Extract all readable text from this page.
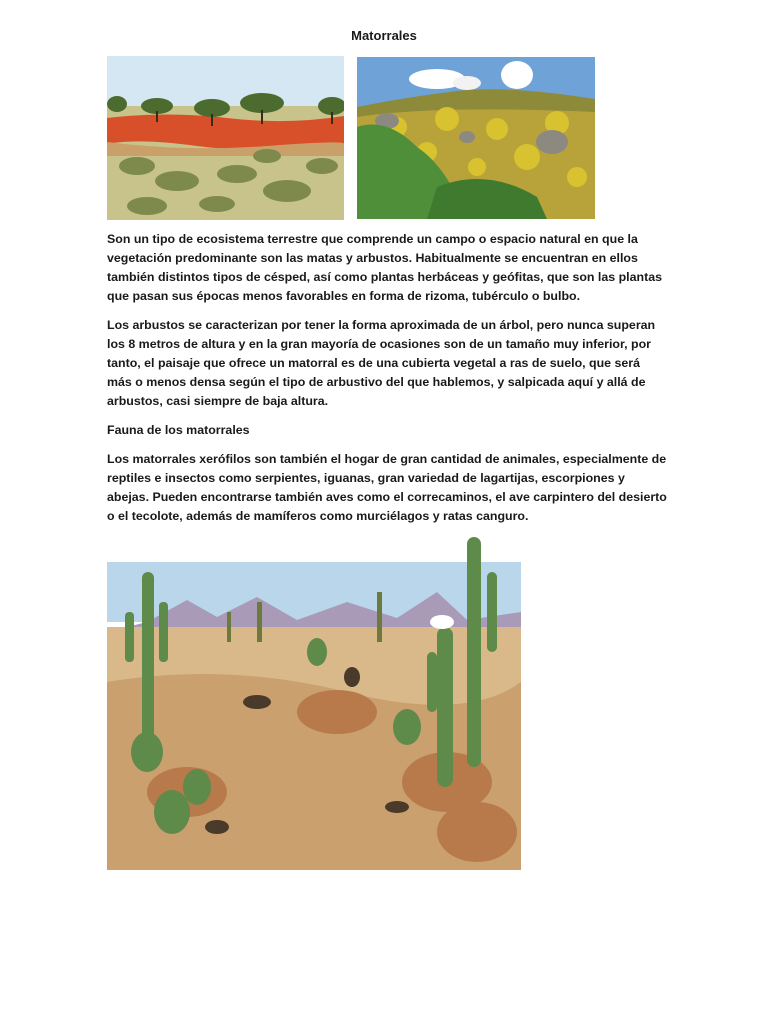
Matorrales

Son un tipo de ecosistema terrestre que comprende un campo o espacio natural en que la vegetación predominante son las matas y arbustos. Habitualmente se encuentran en ellos también distintos tipos de césped, así como plantas herbáceas y geófitas, que son las plantas que pasan sus épocas menos favorables en forma de rizoma, tubérculo o bulbo.

Los arbustos se caracterizan por tener la forma aproximada de un árbol, pero nunca superan los 8 metros de altura y en la gran mayoría de ocasiones son de un tamaño muy inferior, por tanto, el paisaje que ofrece un matorral es de una cubierta vegetal a ras de suelo, que será más o menos densa según el tipo de arbustivo del que hablemos, y salpicada aquí y allá de arbustos, casi siempre de baja altura.

Fauna de los matorrales

Los matorrales xerófilos son también el hogar de gran cantidad de animales, especialmente de reptiles e insectos como serpientes, iguanas, gran variedad de lagartijas, escorpiones y abejas. Pueden encontrarse también aves como el correcaminos, el ave carpintero del desierto o el tecolote, además de mamíferos como murciélagos y ratas canguro.
